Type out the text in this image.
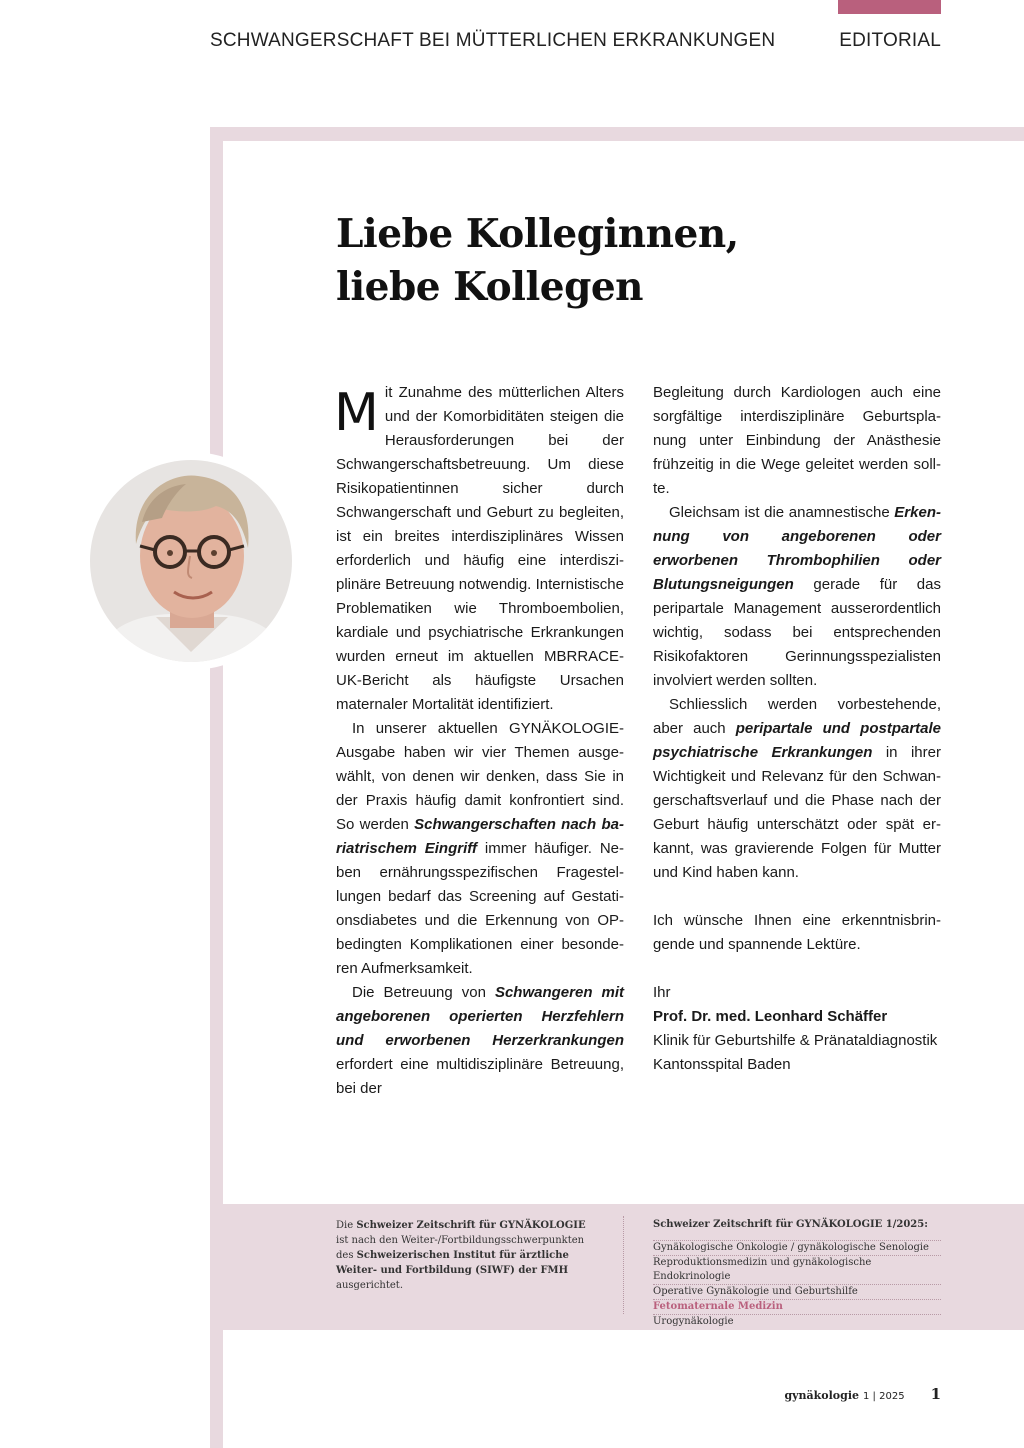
SCHWANGERSCHAFT BEI MÜTTERLICHEN ERKRANKUNGEN	EDITORIAL
Liebe Kolleginnen,
liebe Kollegen

Mit Zunahme des mütterlichen Alters und der Komorbiditäten steigen die Herausforderungen bei der Schwangerschaftsbetreuung. Um diese Risikopatientinnen sicher durch Schwangerschaft und Geburt zu begleiten, ist ein breites interdisziplinäres Wissen erforderlich und häufig eine interdisziplinäre Betreuung notwendig. Internistische Problematiken wie Thromboembolien, kardiale und psychiatrische Erkrankungen wurden erneut im aktuellen MBRRACE-UK-Bericht als häufigste Ursachen maternaler Mortalität identifiziert.

In unserer aktuellen GYNÄKOLOGIE-Ausgabe haben wir vier Themen ausgewählt, von denen wir denken, dass Sie in der Praxis häufig damit konfrontiert sind. So werden Schwangerschaften nach bariatrischem Eingriff immer häufiger. Neben ernährungsspezifischen Fragestellungen bedarf das Screening auf Gestationsdiabetes und die Erkennung von OP-bedingten Komplikationen einer besonderen Aufmerksamkeit.

Die Betreuung von Schwangeren mit angeborenen operierten Herzfehlern und erworbenen Herzerkrankungen erfordert eine multidisziplinäre Betreuung, bei der

Begleitung durch Kardiologen auch eine sorgfältige interdisziplinäre Geburtsplanung unter Einbindung der Anästhesie frühzeitig in die Wege geleitet werden sollte.

Gleichsam ist die anamnestische Erkennung von angeborenen oder erworbenen Thrombophilien oder Blutungsneigungen gerade für das peripartale Management ausserordentlich wichtig, sodass bei entsprechenden Risikofaktoren Gerinnungsspezialisten involviert werden sollten.

Schliesslich werden vorbestehende, aber auch peripartale und postpartale psychiatrische Erkrankungen in ihrer Wichtigkeit und Relevanz für den Schwangerschaftsverlauf und die Phase nach der Geburt häufig unterschätzt oder spät erkannt, was gravierende Folgen für Mutter und Kind haben kann.

Ich wünsche Ihnen eine erkenntnisbringende und spannende Lektüre.

Ihr

Prof. Dr. med. Leonhard Schäffer

Klinik für Geburtshilfe & Pränataldiagnostik

Kantonsspital Baden

Die Schweizer Zeitschrift für GYNÄKOLOGIE ist nach den Weiter-/Fortbildungsschwerpunkten des Schweizerischen Institut für ärztliche Weiter- und Fortbildung (SIWF) der FMH ausgerichtet.
Schweizer Zeitschrift für GYNÄKOLOGIE 1/2025:
Gynäkologische Onkologie / gynäkologische Senologie
Reproduktionsmedizin und gynäkologische Endokrinologie
Operative Gynäkologie und Geburtshilfe
Fetomaternale Medizin
Urogynäkologie
gynäkologie 1 | 2025 1
